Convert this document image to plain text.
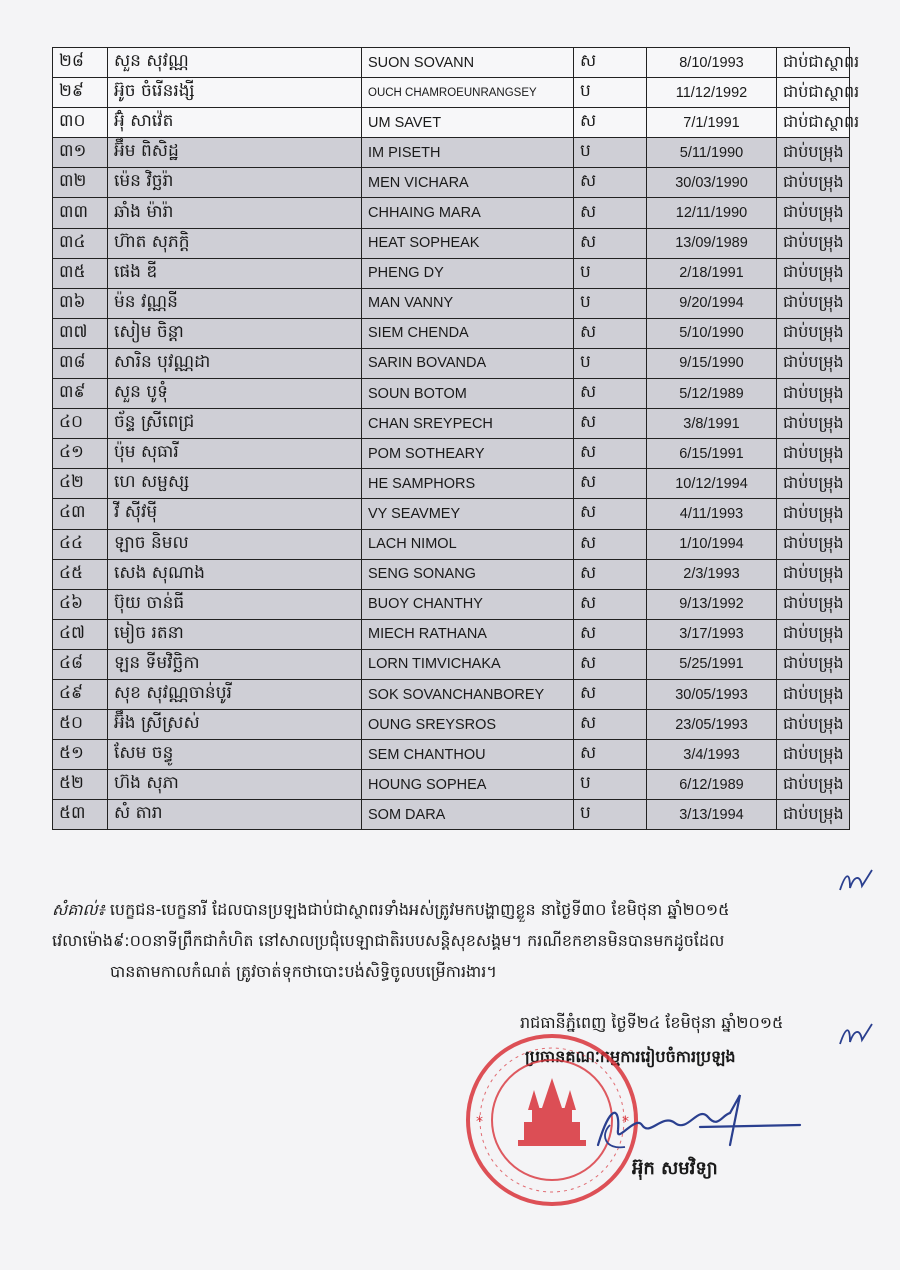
២៨	សួន សុវណ្ណ	SUON SOVANN	ស	8/10/1993	ជាប់ជាស្ថាពរ
២៩	អ៊ូច ចំរើនរង្សី	OUCH CHAMROEUNRANGSEY	ប	11/12/1992	ជាប់ជាស្ថាពរ
៣០	អ៊ុំ សាវ៉េត	UM SAVET	ស	7/1/1991	ជាប់ជាស្ថាពរ
៣១	អ៊ឹម ពិសិដ្ឋ	IM PISETH	ប	5/11/1990	ជាប់បម្រុង
៣២	ម៉េន វិច្ឆរ៉ា	MEN VICHARA	ស	30/03/1990	ជាប់បម្រុង
៣៣	ឆាំង ម៉ារ៉ា	CHHAING MARA	ស	12/11/1990	ជាប់បម្រុង
៣៤	ហ៊ាត សុភក្តិ	HEAT SOPHEAK	ស	13/09/1989	ជាប់បម្រុង
៣៥	ផេង ឌី	PHENG DY	ប	2/18/1991	ជាប់បម្រុង
៣៦	ម៉ន វណ្ណនី	MAN VANNY	ប	9/20/1994	ជាប់បម្រុង
៣៧	សៀម ចិន្តា	SIEM CHENDA	ស	5/10/1990	ជាប់បម្រុង
៣៨	សារិន បុវណ្ណដា	SARIN BOVANDA	ប	9/15/1990	ជាប់បម្រុង
៣៩	សួន បូទុំ	SOUN BOTOM	ស	5/12/1989	ជាប់បម្រុង
៤០	ច័ន្ទ ស្រីពេជ្រ	CHAN SREYPECH	ស	3/8/1991	ជាប់បម្រុង
៤១	ប៉ុម សុធារី	POM SOTHEARY	ស	6/15/1991	ជាប់បម្រុង
៤២	ហេ សម្ផស្ស	HE SAMPHORS	ស	10/12/1994	ជាប់បម្រុង
៤៣	វី ស៊ីវម៉ី	VY SEAVMEY	ស	4/11/1993	ជាប់បម្រុង
៤៤	ឡាច និមល	LACH NIMOL	ស	1/10/1994	ជាប់បម្រុង
៤៥	សេង សុណាង	SENG SONANG	ស	2/3/1993	ជាប់បម្រុង
៤៦	ប៊ុយ ចាន់ធី	BUOY CHANTHY	ស	9/13/1992	ជាប់បម្រុង
៤៧	មៀច រតនា	MIECH RATHANA	ស	3/17/1993	ជាប់បម្រុង
៤៨	ឡន ទីមវិច្ឆិកា	LORN TIMVICHAKA	ស	5/25/1991	ជាប់បម្រុង
៤៩	សុខ សុវណ្ណចាន់បូរី	SOK SOVANCHANBOREY	ស	30/05/1993	ជាប់បម្រុង
៥០	អ៊ឹង ស្រីស្រស់	OUNG SREYSROS	ស	23/05/1993	ជាប់បម្រុង
៥១	សែម ចន្ធូ	SEM CHANTHOU	ស	3/4/1993	ជាប់បម្រុង
៥២	ហ៊ង សុភា	HOUNG SOPHEA	ប	6/12/1989	ជាប់បម្រុង
៥៣	សំ តារា	SOM DARA	ប	3/13/1994	ជាប់បម្រុង

សំគាល់៖ បេក្ខជន-បេក្ខនារី ដែលបានប្រឡងជាប់ជាស្ថាពរទាំងអស់ត្រូវមកបង្ហាញខ្លួន នាថ្ងៃទី៣០ ខែមិថុនា ឆ្នាំ២០១៥

វេលាម៉ោង៩:០០នាទីព្រឹកជាកំហិត នៅសាលប្រជុំបេឡាជាតិរបបសន្តិសុខសង្គម។ ករណីខកខានមិនបានមកដូចដែល

បានតាមកាលកំណត់ ត្រូវចាត់ទុកថាបោះបង់សិទ្ធិចូលបម្រើការងារ។

រាជធានីភ្នំពេញ ថ្ងៃទី២៤ ខែមិថុនា ឆ្នាំ២០១៥
ប្រធានគណៈកម្មការរៀបចំការប្រឡង
*	*
អ៊ុក សមវិទ្យា
